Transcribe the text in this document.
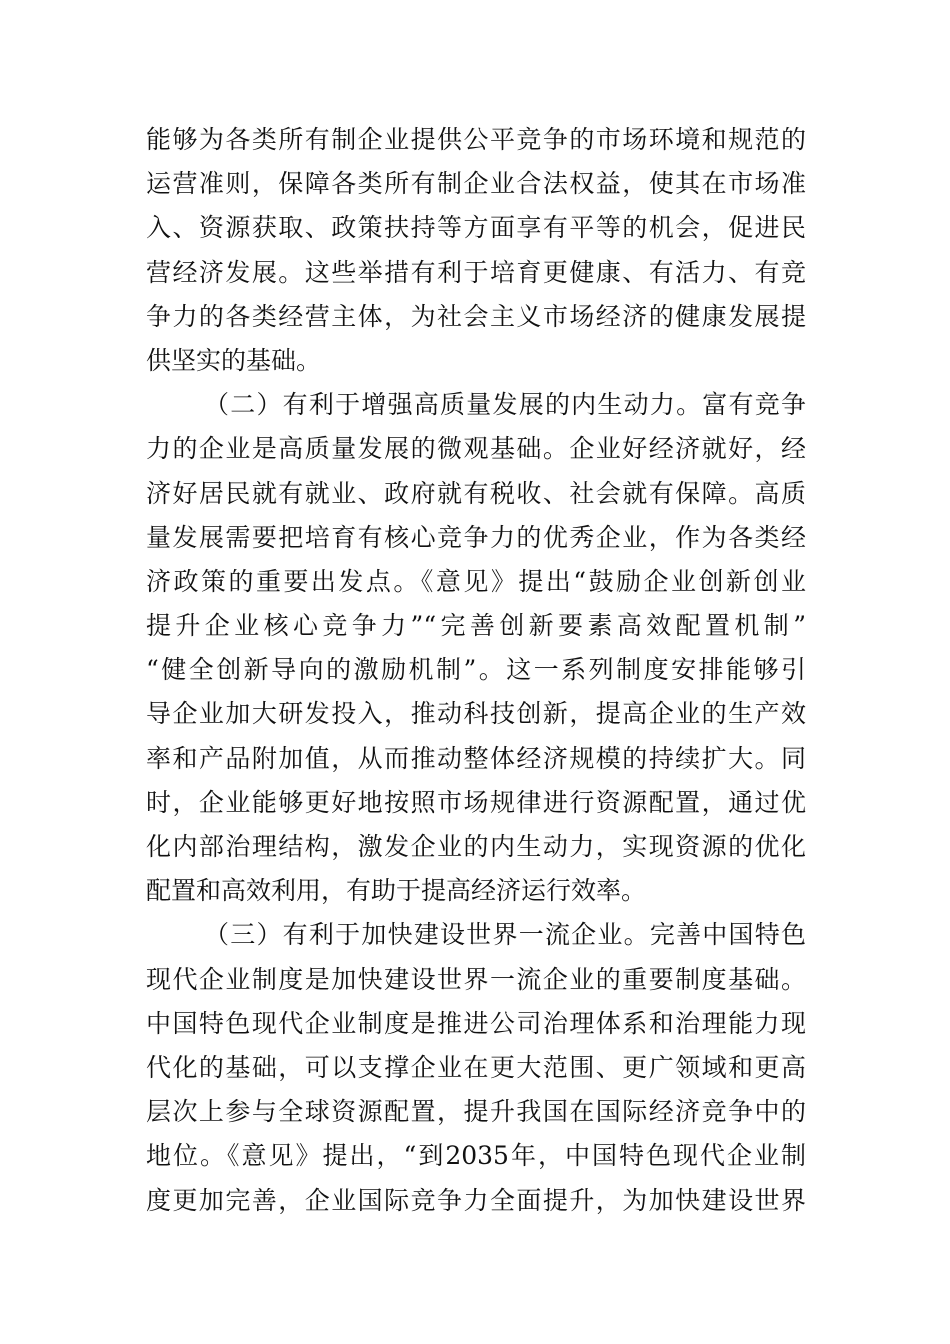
能够为各类所有制企业提供公平竞争的市场环境和规范的
运营准则，保障各类所有制企业合法权益，使其在市场准
入、资源获取、政策扶持等方面享有平等的机会，促进民
营经济发展。这些举措有利于培育更健康、有活力、有竞
争力的各类经营主体，为社会主义市场经济的健康发展提
供坚实的基础。
（二）有利于增强高质量发展的内生动力。富有竞争
力的企业是高质量发展的微观基础。企业好经济就好，经
济好居民就有就业、政府就有税收、社会就有保障。高质
量发展需要把培育有核心竞争力的优秀企业，作为各类经
济政策的重要出发点。《意见》提出“鼓励企业创新创业
提升企业核心竞争力”“完善创新要素高效配置机制”
“健全创新导向的激励机制”。这一系列制度安排能够引
导企业加大研发投入，推动科技创新，提高企业的生产效
率和产品附加值，从而推动整体经济规模的持续扩大。同
时，企业能够更好地按照市场规律进行资源配置，通过优
化内部治理结构，激发企业的内生动力，实现资源的优化
配置和高效利用，有助于提高经济运行效率。
（三）有利于加快建设世界一流企业。完善中国特色
现代企业制度是加快建设世界一流企业的重要制度基础。
中国特色现代企业制度是推进公司治理体系和治理能力现
代化的基础，可以支撑企业在更大范围、更广领域和更高
层次上参与全球资源配置，提升我国在国际经济竞争中的
地位。《意见》提出，“到2035年，中国特色现代企业制
度更加完善，企业国际竞争力全面提升，为加快建设世界
